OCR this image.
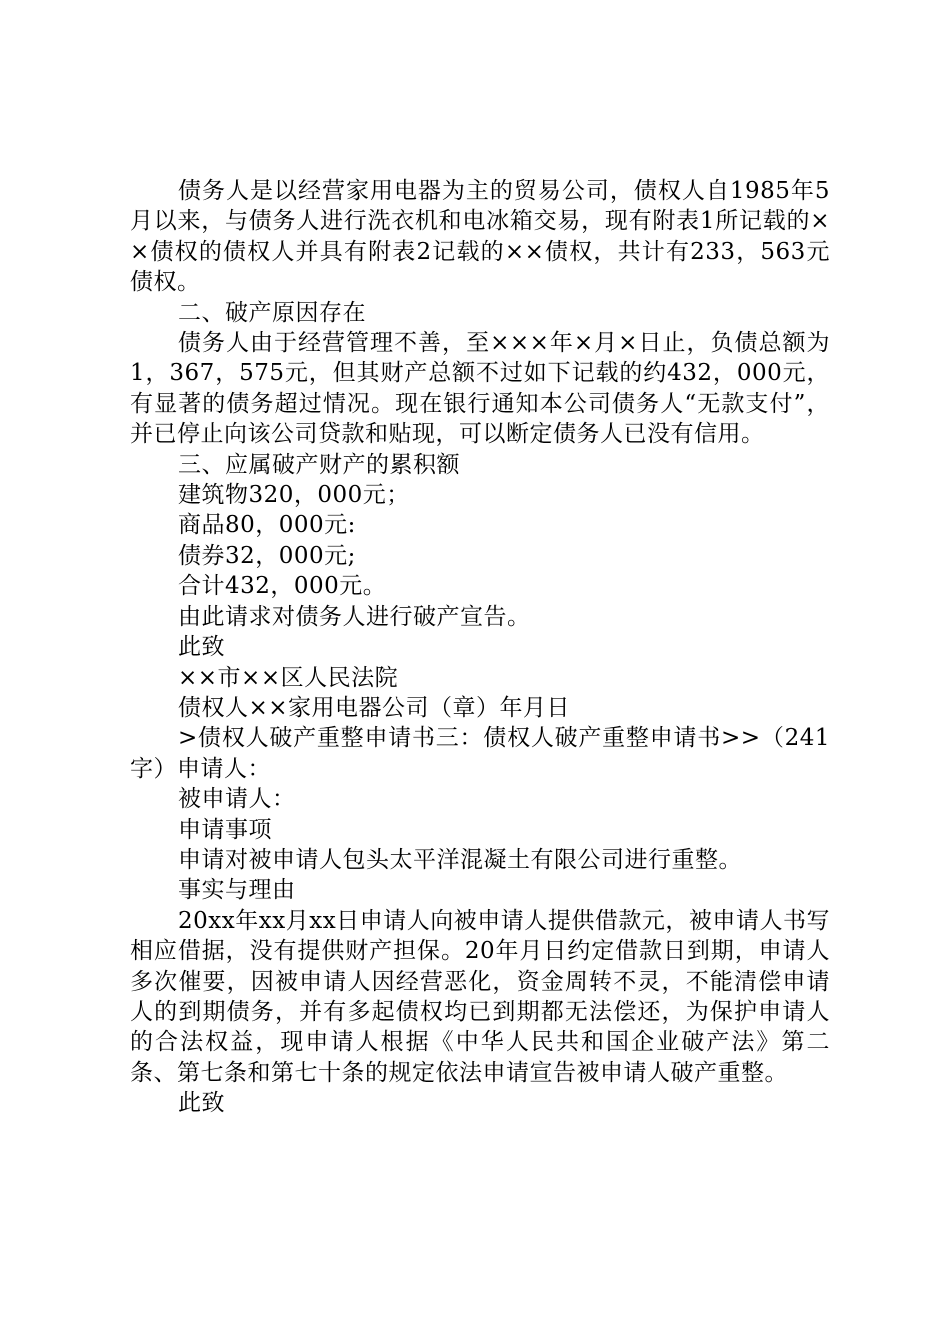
债务人是以经营家用电器为主的贸易公司，债权人自1985年5月以来，与债务人进行洗衣机和电冰箱交易，现有附表1所记载的××债权的债权人并具有附表2记载的××债权，共计有233，563元债权。

二、破产原因存在

债务人由于经营管理不善，至×××年×月×日止，负债总额为1，367，575元，但其财产总额不过如下记载的约432，000元，有显著的债务超过情况。现在银行通知本公司债务人“无款支付”，并已停止向该公司贷款和贴现，可以断定债务人已没有信用。

三、应属破产财产的累积额

建筑物320，000元；

商品80，000元:

债券32，000元;

合计432，000元。

由此请求对债务人进行破产宣告。

此致

××市××区人民法院

债权人××家用电器公司（章）年月日

>债权人破产重整申请书三：债权人破产重整申请书>>（241字）申请人：

被申请人：

申请事项

申请对被申请人包头太平洋混凝土有限公司进行重整。

事实与理由

20xx年xx月xx日申请人向被申请人提供借款元，被申请人书写相应借据，没有提供财产担保。20年月日约定借款日到期，申请人多次催要，因被申请人因经营恶化，资金周转不灵，不能清偿申请人的到期债务，并有多起债权均已到期都无法偿还，为保护申请人的合法权益，现申请人根据《中华人民共和国企业破产法》第二条、第七条和第七十条的规定依法申请宣告被申请人破产重整。

此致
